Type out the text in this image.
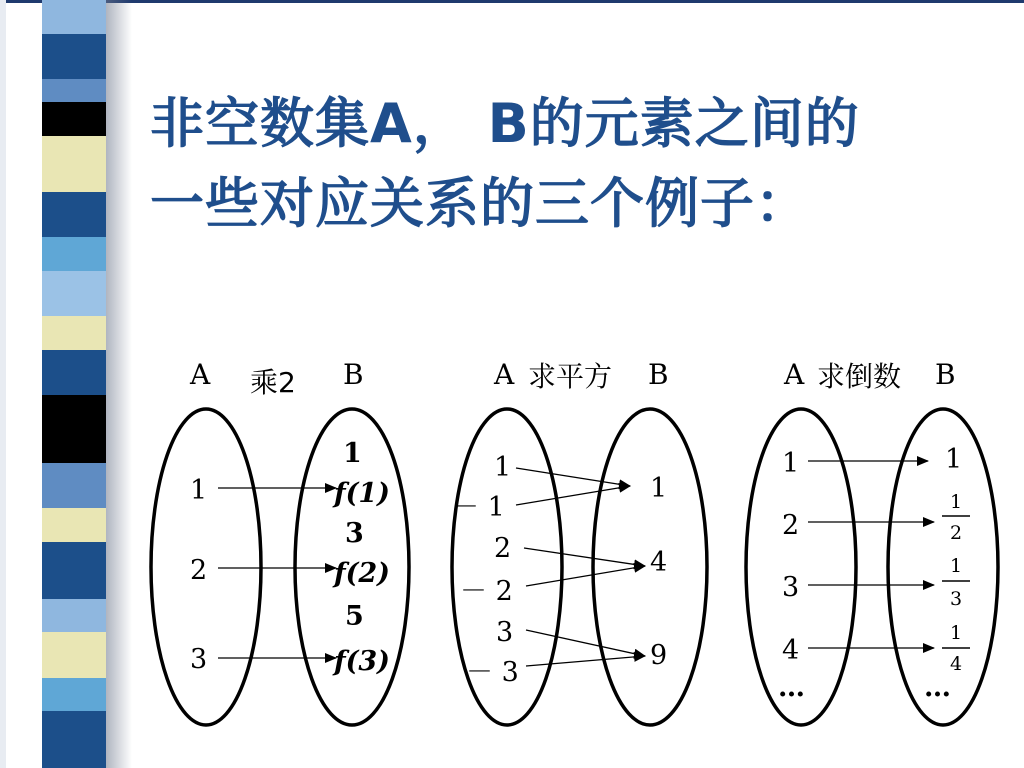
非空数集A， B的元素之间的
一些对应关系的三个例子：
A 乘2 B
1
2
3
1
f(1)
3
f(2)
5
f(3)
A 求平方 B
1
－ 1
2
－ 2
3
－ 3
1
4
9
A 求倒数 B
1
2
3
4
…
1
1
2
1
3
1
4
…
